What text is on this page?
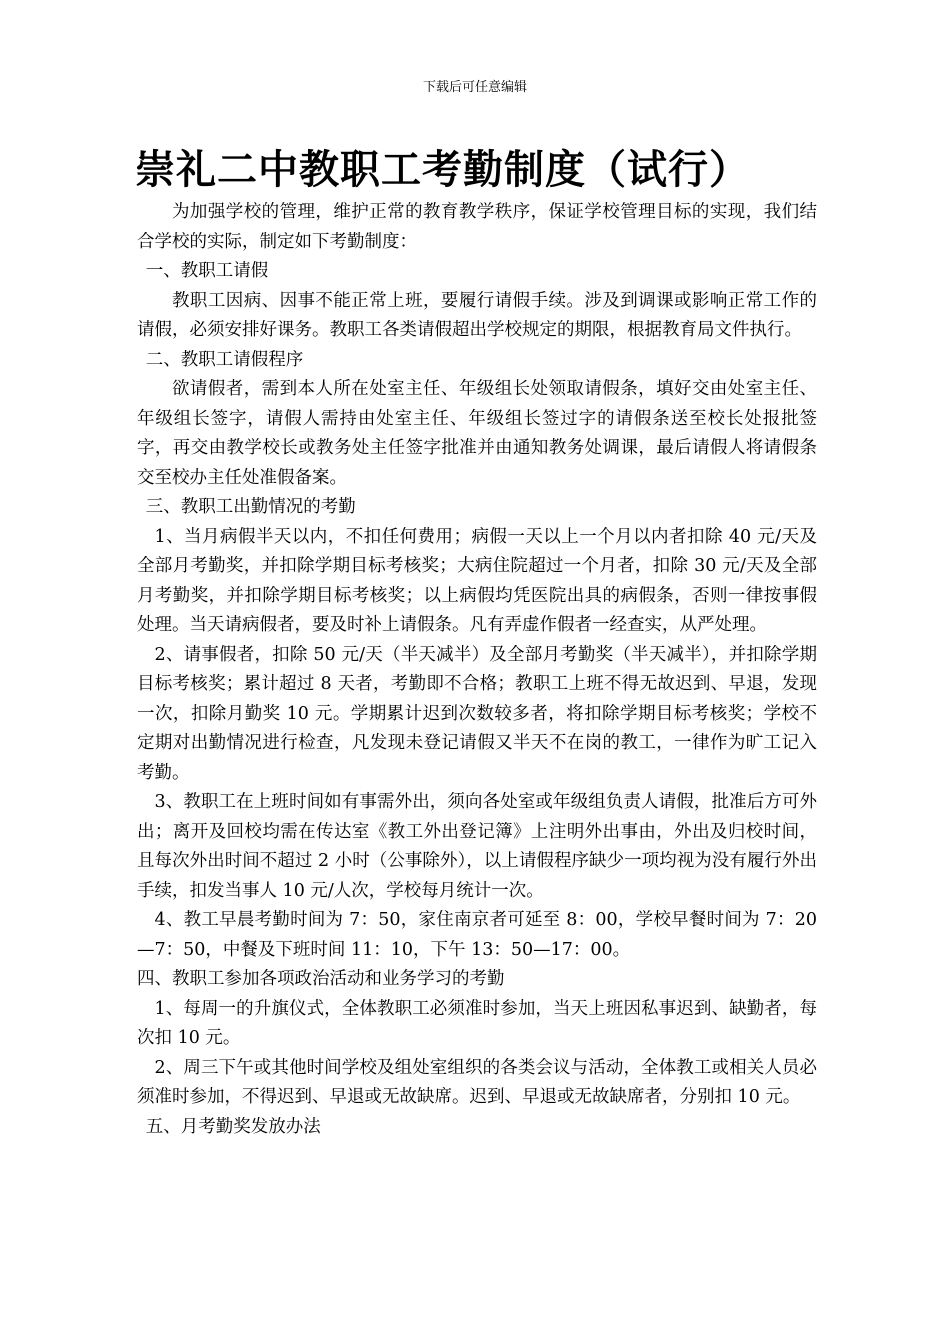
下载后可任意编辑
崇礼二中教职工考勤制度（试行）

为加强学校的管理，维护正常的教育教学秩序，保证学校管理目标的实现，我们结合学校的实际，制定如下考勤制度：

一、教职工请假

教职工因病、因事不能正常上班，要履行请假手续。涉及到调课或影响正常工作的请假，必须安排好课务。教职工各类请假超出学校规定的期限，根据教育局文件执行。

二、教职工请假程序

欲请假者，需到本人所在处室主任、年级组长处领取请假条，填好交由处室主任、年级组长签字，请假人需持由处室主任、年级组长签过字的请假条送至校长处报批签字，再交由教学校长或教务处主任签字批准并由通知教务处调课，最后请假人将请假条交至校办主任处准假备案。

三、教职工出勤情况的考勤

1、当月病假半天以内，不扣任何费用；病假一天以上一个月以内者扣除 40 元/天及全部月考勤奖，并扣除学期目标考核奖；大病住院超过一个月者，扣除 30 元/天及全部月考勤奖，并扣除学期目标考核奖；以上病假均凭医院出具的病假条，否则一律按事假处理。当天请病假者，要及时补上请假条。凡有弄虚作假者一经查实，从严处理。

2、请事假者，扣除 50 元/天（半天减半）及全部月考勤奖（半天减半），并扣除学期目标考核奖；累计超过 8 天者，考勤即不合格；教职工上班不得无故迟到、早退，发现一次，扣除月勤奖 10 元。学期累计迟到次数较多者，将扣除学期目标考核奖；学校不定期对出勤情况进行检查，凡发现未登记请假又半天不在岗的教工，一律作为旷工记入考勤。

3、教职工在上班时间如有事需外出，须向各处室或年级组负责人请假，批准后方可外出；离开及回校均需在传达室《教工外出登记簿》上注明外出事由，外出及归校时间，且每次外出时间不超过 2 小时（公事除外），以上请假程序缺少一项均视为没有履行外出手续，扣发当事人 10 元/人次，学校每月统计一次。

4、教工早晨考勤时间为 7：50，家住南京者可延至 8：00，学校早餐时间为 7：20—7：50，中餐及下班时间 11：10，下午 13：50—17：00。

四、教职工参加各项政治活动和业务学习的考勤

1、每周一的升旗仪式，全体教职工必须准时参加，当天上班因私事迟到、缺勤者，每次扣 10 元。

2、周三下午或其他时间学校及组处室组织的各类会议与活动，全体教工或相关人员必须准时参加，不得迟到、早退或无故缺席。迟到、早退或无故缺席者，分别扣 10 元。

五、月考勤奖发放办法
